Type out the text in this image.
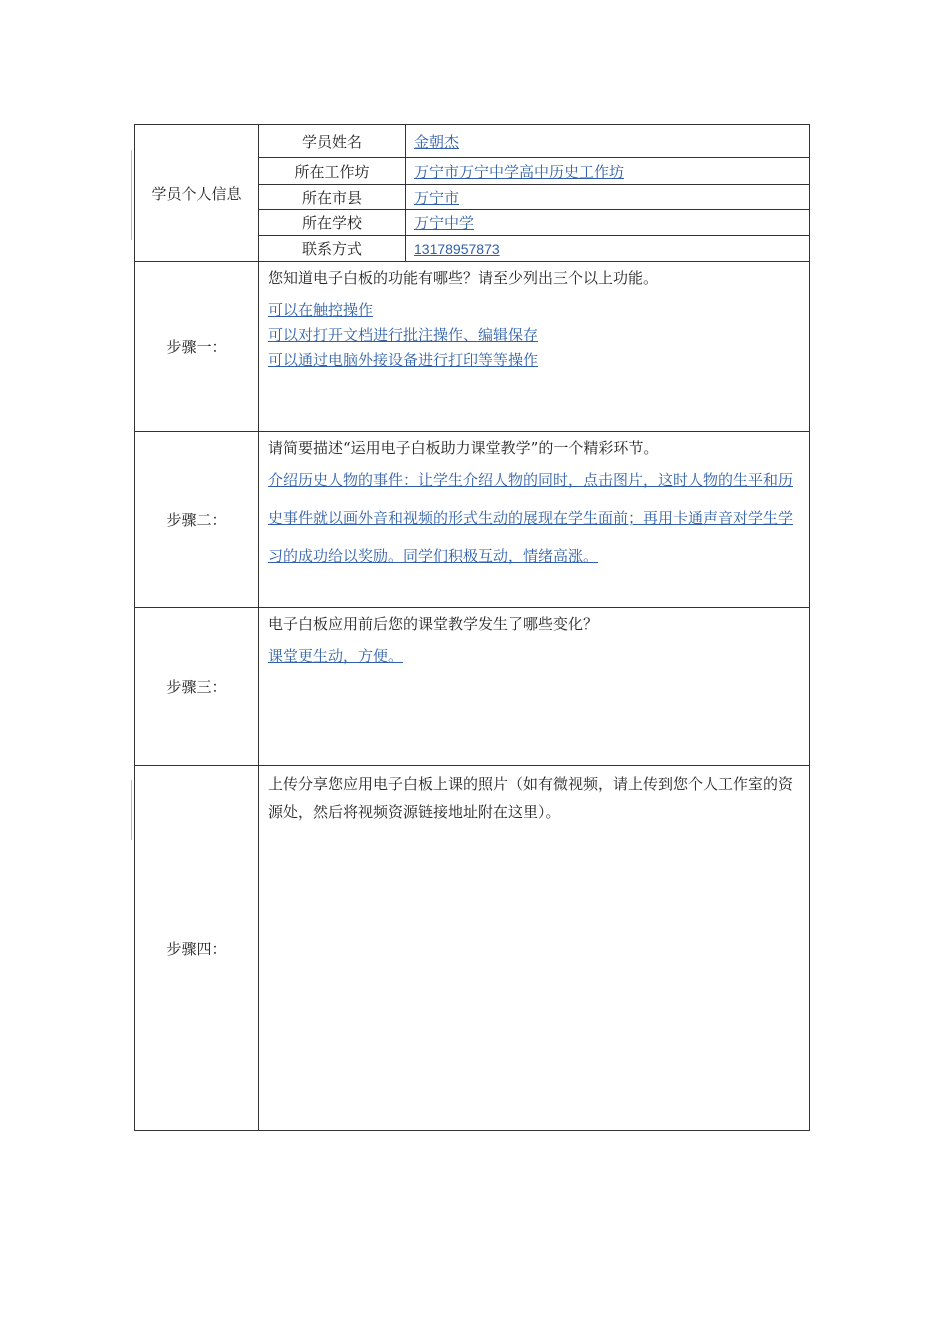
学员个人信息
学员姓名	金朝杰
所在工作坊	万宁市万宁中学高中历史工作坊
所在市县	万宁市
所在学校	万宁中学
联系方式	13178957873
步骤一：

您知道电子白板的功能有哪些？请至少列出三个以上功能。

可以在触控操作
可以对打开文档进行批注操作、编辑保存
可以通过电脑外接设备进行打印等等操作
步骤二：

请简要描述“运用电子白板助力课堂教学”的一个精彩环节。

介绍历史人物的事件：让学生介绍人物的同时，点击图片，这时人物的生平和历史事件就以画外音和视频的形式生动的展现在学生面前；再用卡通声音对学生学习的成功给以奖励。同学们积极互动，情绪高涨。
步骤三：

电子白板应用前后您的课堂教学发生了哪些变化？

课堂更生动，方便。
步骤四：

上传分享您应用电子白板上课的照片（如有微视频，请上传到您个人工作室的资源处，然后将视频资源链接地址附在这里）。
